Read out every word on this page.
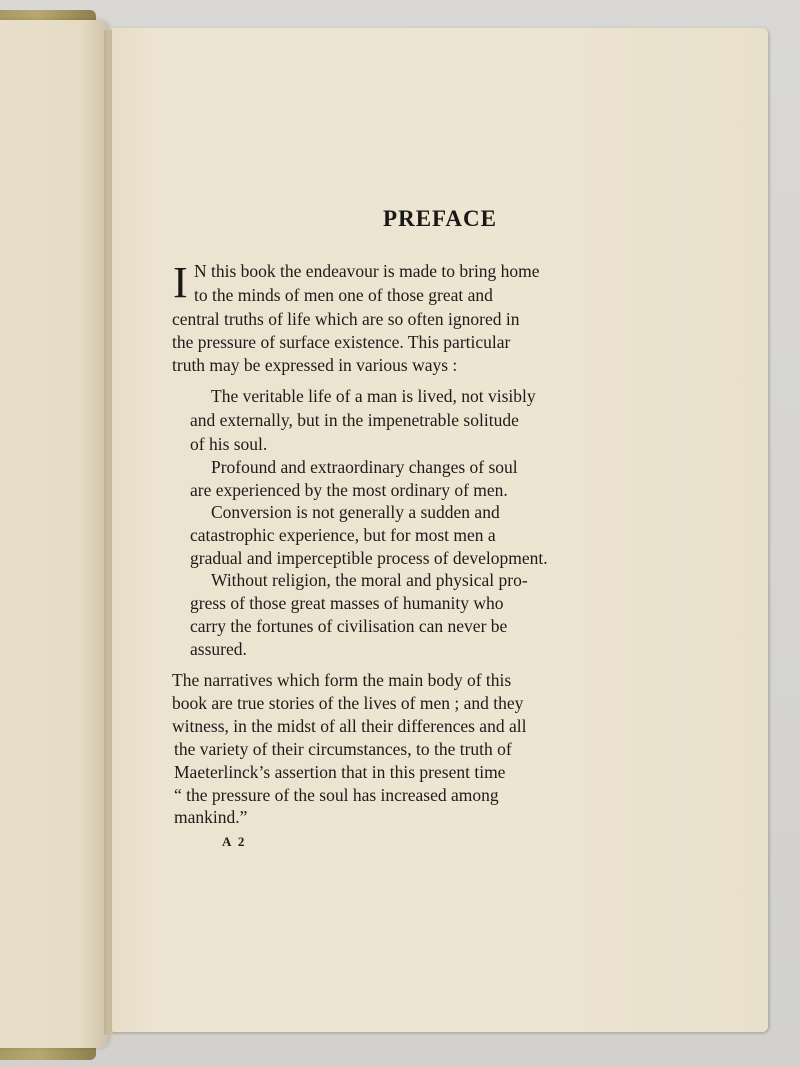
PREFACE
I N this book the endeavour is made to bring home
to the minds of men one of those great and
central truths of life which are so often ignored in
the pressure of surface existence. This particular
truth may be expressed in various ways :
The veritable life of a man is lived, not visibly
and externally, but in the impenetrable solitude
of his soul.
Profound and extraordinary changes of soul
are experienced by the most ordinary of men.
Conversion is not generally a sudden and
catastrophic experience, but for most men a
gradual and imperceptible process of development.
Without religion, the moral and physical pro-
gress of those great masses of humanity who
carry the fortunes of civilisation can never be
assured.
The narratives which form the main body of this
book are true stories of the lives of men ; and they
witness, in the midst of all their differences and all
the variety of their circumstances, to the truth of
Maeterlinck’s assertion that in this present time
“ the pressure of the soul has increased among
mankind.”
A 2
